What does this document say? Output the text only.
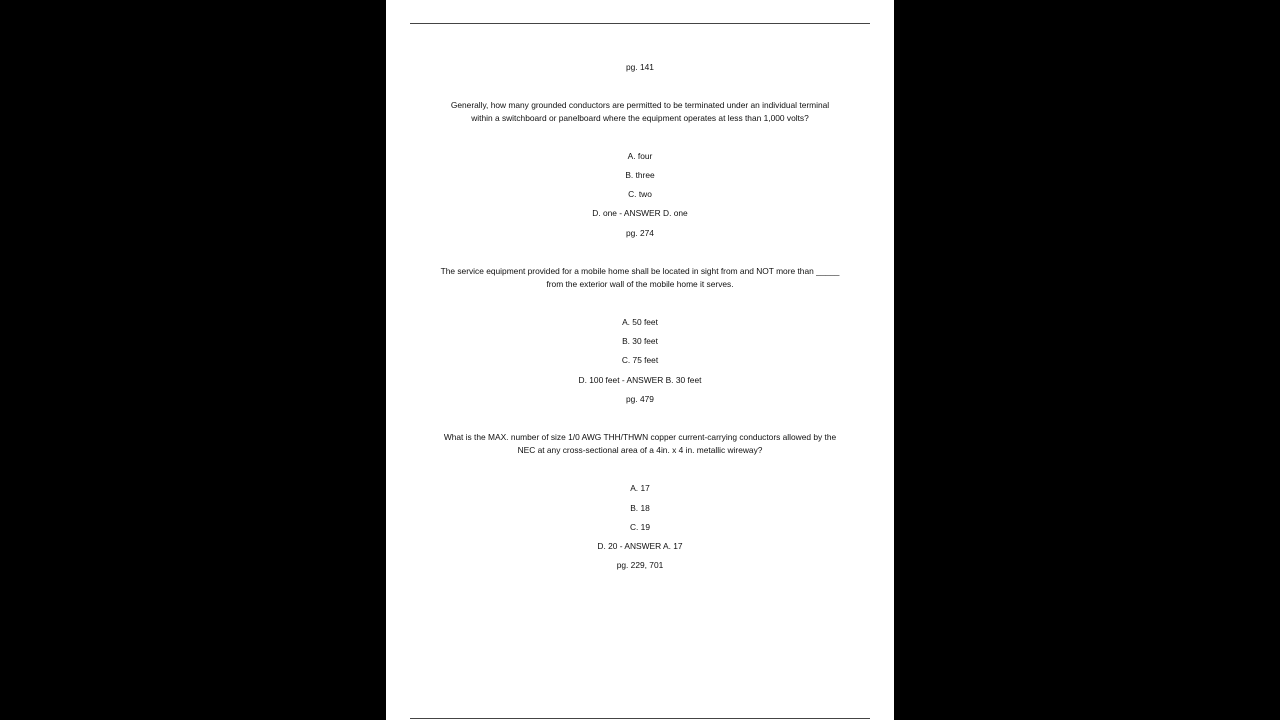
pg. 141
Generally, how many grounded conductors are permitted to be terminated under an individual terminal within a switchboard or panelboard where the equipment operates at less than 1,000 volts?
A. four
B. three
C. two
D. one - ANSWER D. one
pg. 274
The service equipment provided for a mobile home shall be located in sight from and NOT more than _____ from the exterior wall of the mobile home it serves.
A. 50 feet
B. 30 feet
C. 75 feet
D. 100 feet - ANSWER B. 30 feet
pg. 479
What is the MAX. number of size 1/0 AWG THH/THWN copper current-carrying conductors allowed by the NEC at any cross-sectional area of a 4in. x 4 in. metallic wireway?
A. 17
B. 18
C. 19
D. 20 - ANSWER A. 17
pg. 229, 701
